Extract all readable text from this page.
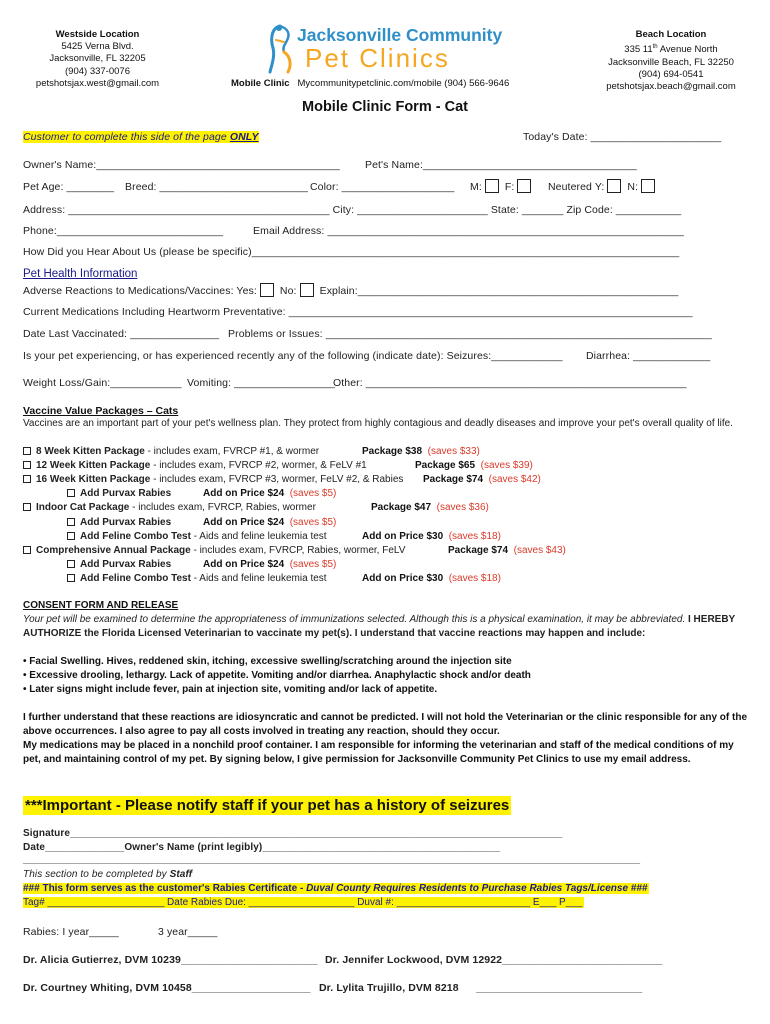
Westside Location
5425 Verna Blvd.
Jacksonville, FL 32205
(904) 337-0076
petshotsjax.west@gmail.com
Jacksonville Community
Pet Clinics
Mobile Clinic Mycommunitypetclinic.com/mobile (904) 566-9646
Beach Location
335 11th Avenue North
Jacksonville Beach, FL 32250
(904) 694-0541
petshotsjax.beach@gmail.com
Mobile Clinic Form - Cat
Customer to complete this side of the page ONLY	Today's Date: ______________________
Owner's Name:_________________________________________ Pet's Name:____________________________________
Pet Age: ________ Breed: _________________________ Color: ___________________ M: F:	Neutered Y: N:
Address: ____________________________________________ City: ______________________ State: _______ Zip Code: ___________
Phone:____________________________	Email Address: ____________________________________________________________
How Did you Hear About Us (please be specific)________________________________________________________________________
Pet Health Information
Adverse Reactions to Medications/Vaccines: Yes: No: Explain:______________________________________________________
Current Medications Including Heartworm Preventative: ____________________________________________________________________
Date Last Vaccinated: _______________ Problems or Issues: _________________________________________________________________
Is your pet experiencing, or has experienced recently any of the following (indicate date): Seizures:____________ Diarrhea: _____________
Weight Loss/Gain:____________ Vomiting: _________________
Other: ______________________________________________________
Vaccine Value Packages – Cats
Vaccines are an important part of your pet's wellness plan. They protect from highly contagious and deadly diseases and improve your pet's overall quality of life.
8 Week Kitten Package - includes exam, FVRCP #1, & wormer	Package $38 (saves $33)
12 Week Kitten Package - includes exam, FVRCP #2, wormer, & FeLV #1	Package $65 (saves $39)
16 Week Kitten Package - includes exam, FVRCP #3, wormer, FeLV #2, & Rabies Package $74 (saves $42)
Add Purvax Rabies	Add on Price $24 (saves $5)
Indoor Cat Package - includes exam, FVRCP, Rabies, wormer	Package $47 (saves $36)
Add Purvax Rabies	Add on Price $24 (saves $5)
Add Feline Combo Test - Aids and feline leukemia test	Add on Price $30 (saves $18)
Comprehensive Annual Package - includes exam, FVRCP, Rabies, wormer, FeLV	Package $74 (saves $43)
Add Purvax Rabies	Add on Price $24 (saves $5)
Add Feline Combo Test - Aids and feline leukemia test	Add on Price $30 (saves $18)
CONSENT FORM AND RELEASE
Your pet will be examined to determine the appropriateness of immunizations selected. Although this is a physical examination, it may be abbreviated. I HEREBY AUTHORIZE the Florida Licensed Veterinarian to vaccinate my pet(s). I understand that vaccine reactions may happen and include:
• Facial Swelling. Hives, reddened skin, itching, excessive swelling/scratching around the injection site
• Excessive drooling, lethargy. Lack of appetite. Vomiting and/or diarrhea. Anaphylactic shock and/or death
• Later signs might include fever, pain at injection site, vomiting and/or lack of appetite.
I further understand that these reactions are idiosyncratic and cannot be predicted. I will not hold the Veterinarian or the clinic responsible for any of the above occurrences. I also agree to pay all costs involved in treating any reaction, should they occur.
My medications may be placed in a nonchild proof container. I am responsible for informing the veterinarian and staff of the medical conditions of my pet, and maintaining control of my pet. By signing below, I give permission for Jacksonville Community Pet Clinics to use my email address.
***Important - Please notify staff if your pet has a history of seizures
Signature_______________________________________________________________________________________
Date______________Owner's Name (print legibly)__________________________________________
_____________________________________________________________________________________________________________
This section to be completed by Staff
### This form serves as the customer's Rabies Certificate - Duval County Requires Residents to Purchase Rabies Tags/License ###
Tag# _____________________ Date Rabies Due: ___________________ Duval #: ________________________ E___ P___
Rabies: I year_____	3 year_____
Dr. Alicia Gutierrez, DVM 10239_______________________ Dr. Jennifer Lockwood, DVM 12922___________________________
Dr. Courtney Whiting, DVM 10458____________________ Dr. Lylita Trujillo, DVM 8218 ____________________________
